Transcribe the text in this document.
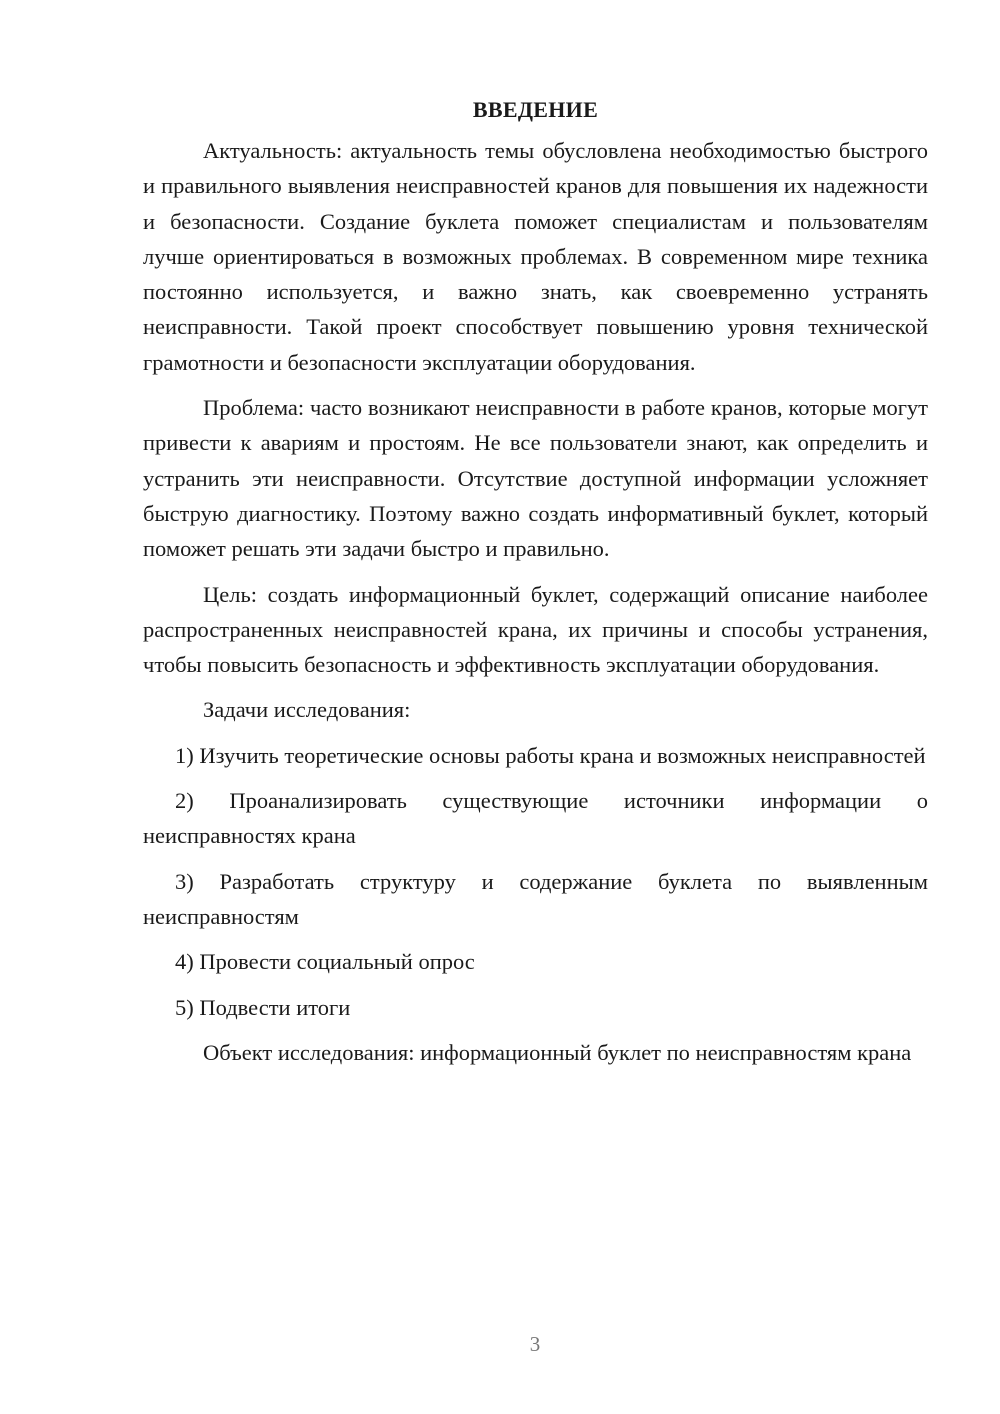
ВВЕДЕНИЕ

Актуальность: актуальность темы обусловлена необходимостью быстрого и правильного выявления неисправностей кранов для повышения их надежности и безопасности. Создание буклета поможет специалистам и пользователям лучше ориентироваться в возможных проблемах. В современном мире техника постоянно используется, и важно знать, как своевременно устранять неисправности. Такой проект способствует повышению уровня технической грамотности и безопасности эксплуатации оборудования.

Проблема: часто возникают неисправности в работе кранов, которые могут привести к авариям и простоям. Не все пользователи знают, как определить и устранить эти неисправности. Отсутствие доступной информации усложняет быструю диагностику. Поэтому важно создать информативный буклет, который поможет решать эти задачи быстро и правильно.

Цель: создать информационный буклет, содержащий описание наиболее распространенных неисправностей крана, их причины и способы устранения, чтобы повысить безопасность и эффективность эксплуатации оборудования.

Задачи исследования:

1) Изучить теоретические основы работы крана и возможных неисправностей

2) Проанализировать существующие источники информации о неисправностях крана

3) Разработать структуру и содержание буклета по выявленным неисправностям

4) Провести социальный опрос

5) Подвести итоги

Объект исследования: информационный буклет по неисправностям крана

3
